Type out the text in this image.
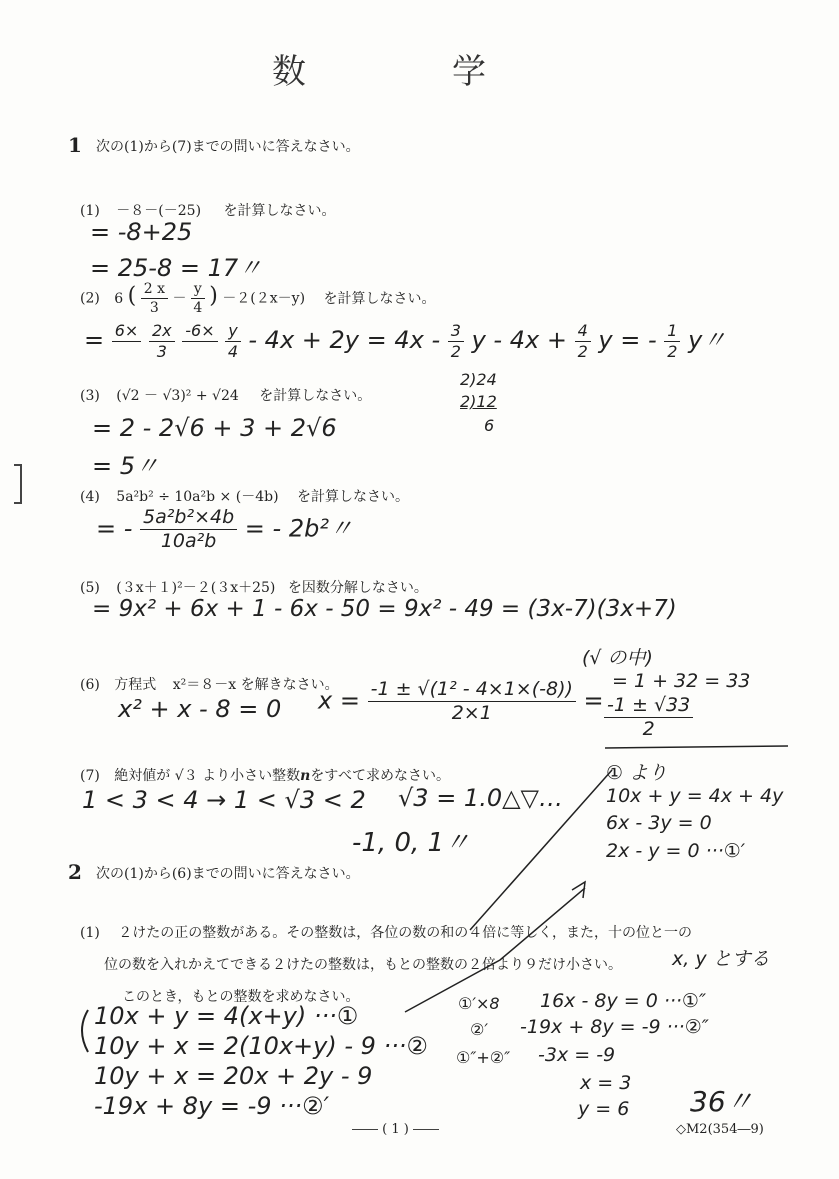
数　　　　学
1 次の(1)から(7)までの問いに答えなさい。
(1) －８－(－25) を計算しなさい。
= -8+25
= 25-8 = 17〃
(2) 6 ( $\frac{2 x}{3} - \frac{y}{4}$ ) －２(２x－y) を計算しなさい。
= 6×

$\frac{2x}{3}$
-6×

$\frac{y}{4} - 4x + 2y = 4x - \frac{3}{2}$ $y - 4x + \frac{4}{2}$ y = - $\frac{1}{2}$ y〃
(3) (√2 － √3)² + √24 を計算しなさい。
= 2 - 2√6 + 3 + 2√6
= 5〃
2)24
2)12
6
(4) 5a²b² ÷ 10a²b × (－4b) を計算しなさい。
= - $\frac{\text{5a²b²×4b}}{\text{10a²b}}$ = - 2b²〃
(5) (３x＋１)²－２(３x＋25) を因数分解しなさい。
= 9x² + 6x + 1 - 6x - 50 = 9x² - 49 = (3x-7)(3x+7)
(6) 方程式 x²＝８－x を解きなさい。
x² + x - 8 = 0 $x = \frac{\text{-1 ± √(1² - 4×1×(-8))}}{2\times 1} = \frac{-1 \pm √33}{2}$
(√ の中)
= 1 + 32 = 33
(7) 絶対値が √３ より小さい整数nをすべて求めなさい。
1 < 3 < 4 → 1 < √3 < 2 √3 = 1.0△▽…
-1, 0, 1〃
① より
10x + y = 4x + 4y
6x - 3y = 0
2x - y = 0 ···①′
2 次の(1)から(6)までの問いに答えなさい。
(1) ２けたの正の整数がある。その整数は，各位の数の和の４倍に等しく，また，十の位と一の
位の数を入れかえてできる２けたの整数は，もとの整数の２倍より９だけ小さい。	x, y とする
このとき，もとの整数を求めなさい。
10x + y = 4(x+y) ···①
10y + x = 2(10x+y) - 9 ···②
10y + x = 20x + 2y - 9
-19x + 8y = -9 ···②′
①′×8 16x - 8y = 0 ···①″
②′ -19x + 8y = -9 ···②″
①″+②″ -3x = -9
x = 3
y = 6 36〃
―― ( 1 ) ――	◇M2(354―9)
